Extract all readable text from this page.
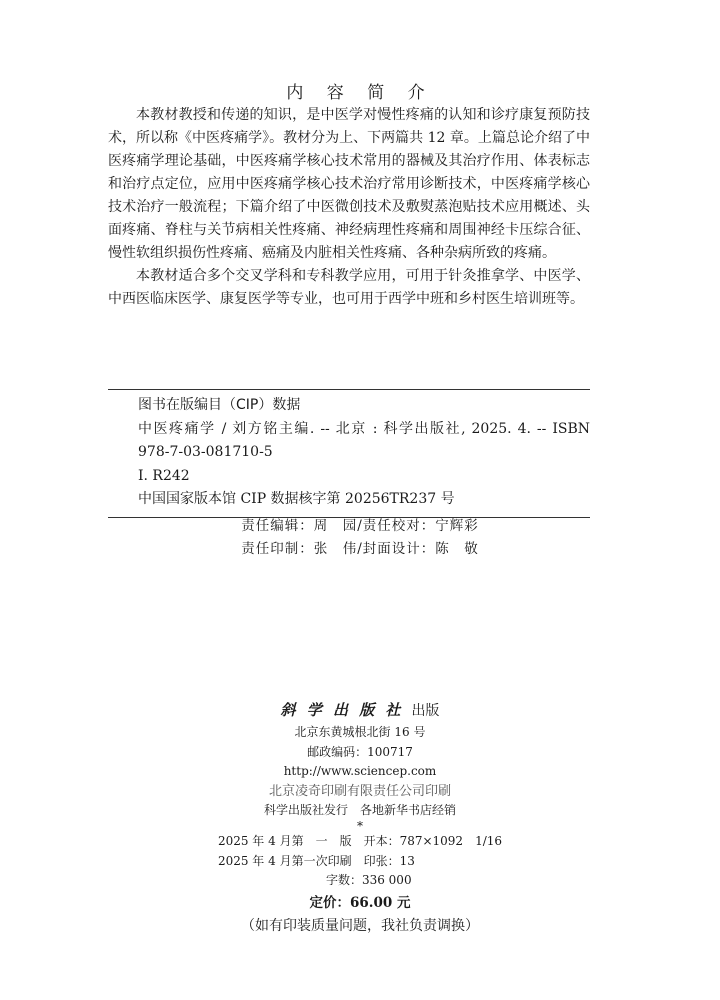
内 容 简 介

本教材教授和传递的知识，是中医学对慢性疼痛的认知和诊疗康复预防技术，所以称《中医疼痛学》。教材分为上、下两篇共 12 章。上篇总论介绍了中医疼痛学理论基础，中医疼痛学核心技术常用的器械及其治疗作用、体表标志和治疗点定位，应用中医疼痛学核心技术治疗常用诊断技术，中医疼痛学核心技术治疗一般流程；下篇介绍了中医微创技术及敷熨蒸泡贴技术应用概述、头面疼痛、脊柱与关节病相关性疼痛、神经病理性疼痛和周围神经卡压综合征、慢性软组织损伤性疼痛、癌痛及内脏相关性疼痛、各种杂病所致的疼痛。

本教材适合多个交叉学科和专科教学应用，可用于针灸推拿学、中医学、中西医临床医学、康复医学等专业，也可用于西学中班和乡村医生培训班等。

图书在版编目（CIP）数据
中医疼痛学 / 刘方铭主编. -- 北京 : 科学出版社, 2025. 4. -- ISBN
978-7-03-081710-5
Ⅰ. R242
中国国家版本馆 CIP 数据核字第 20256TR237 号
责任编辑：周　园/责任校对：宁辉彩
责任印制：张　伟/封面设计：陈　敬
斜 学 出 版 社 出版
北京东黄城根北街 16 号
邮政编码：100717
http://www.sciencep.com
北京凌奇印刷有限责任公司印刷
科学出版社发行　各地新华书店经销
*
2025 年 4 月第　一　版　开本：787×1092　1/16
2025 年 4 月第一次印刷　印张：13
字数：336 000
定价：66.00 元
（如有印装质量问题，我社负责调换）
